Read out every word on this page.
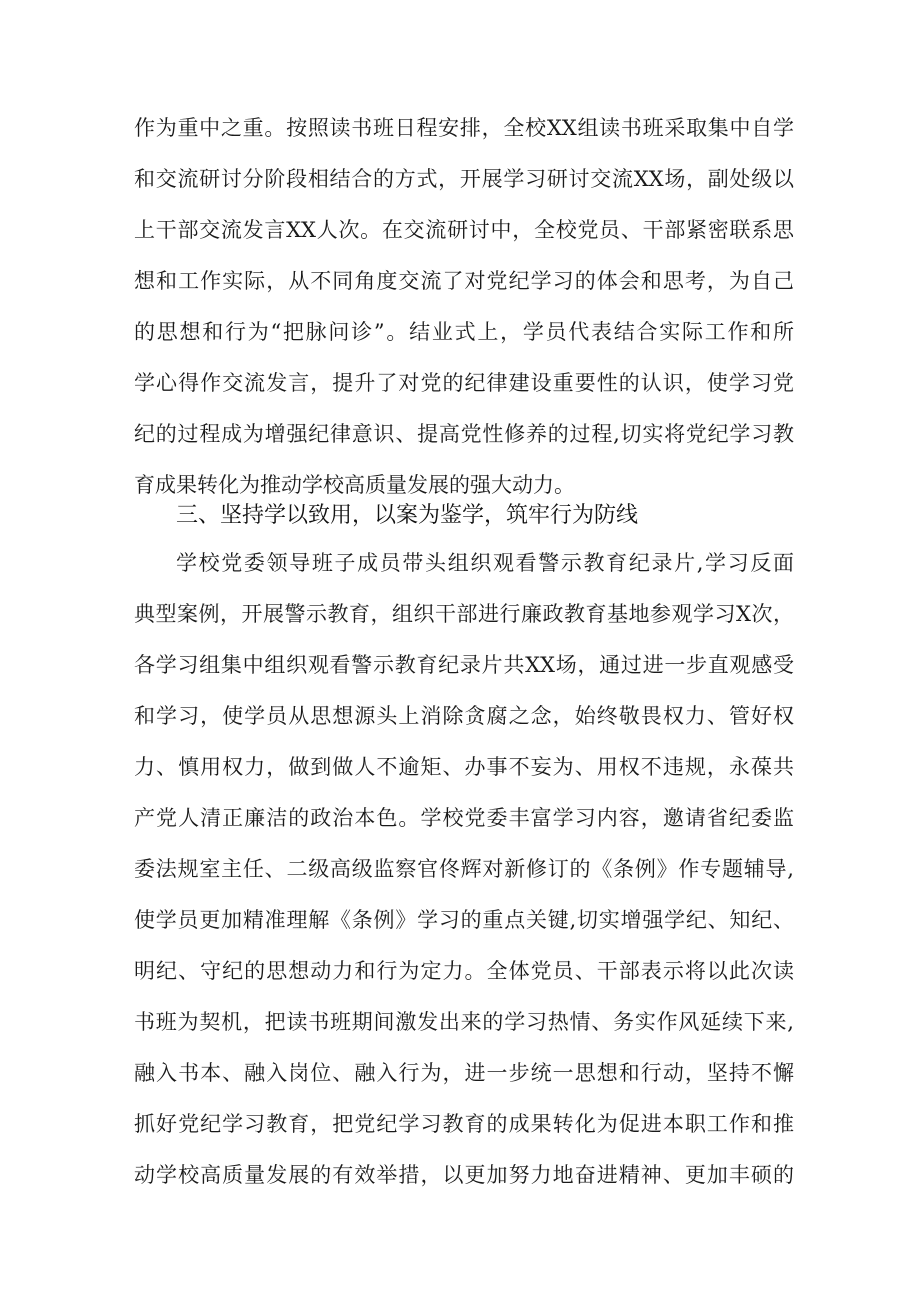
作为重中之重。按照读书班日程安排，全校XX组读书班采取集中自学
和交流研讨分阶段相结合的方式，开展学习研讨交流XX场，副处级以
上干部交流发言XX人次。在交流研讨中，全校党员、干部紧密联系思
想和工作实际，从不同角度交流了对党纪学习的体会和思考，为自己
的思想和行为“把脉问诊”。结业式上，学员代表结合实际工作和所
学心得作交流发言，提升了对党的纪律建设重要性的认识，使学习党
纪的过程成为增强纪律意识、提高党性修养的过程,切实将党纪学习教
育成果转化为推动学校高质量发展的强大动力。
三、坚持学以致用，以案为鉴学，筑牢行为防线
学校党委领导班子成员带头组织观看警示教育纪录片,学习反面
典型案例，开展警示教育，组织干部进行廉政教育基地参观学习X次，
各学习组集中组织观看警示教育纪录片共XX场，通过进一步直观感受
和学习，使学员从思想源头上消除贪腐之念，始终敬畏权力、管好权
力、慎用权力，做到做人不逾矩、办事不妄为、用权不违规，永葆共
产党人清正廉洁的政治本色。学校党委丰富学习内容，邀请省纪委监
委法规室主任、二级高级监察官佟辉对新修订的《条例》作专题辅导,
使学员更加精准理解《条例》学习的重点关键,切实增强学纪、知纪、
明纪、守纪的思想动力和行为定力。全体党员、干部表示将以此次读
书班为契机，把读书班期间激发出来的学习热情、务实作风延续下来,
融入书本、融入岗位、融入行为，进一步统一思想和行动，坚持不懈
抓好党纪学习教育，把党纪学习教育的成果转化为促进本职工作和推
动学校高质量发展的有效举措，以更加努力地奋进精神、更加丰硕的
